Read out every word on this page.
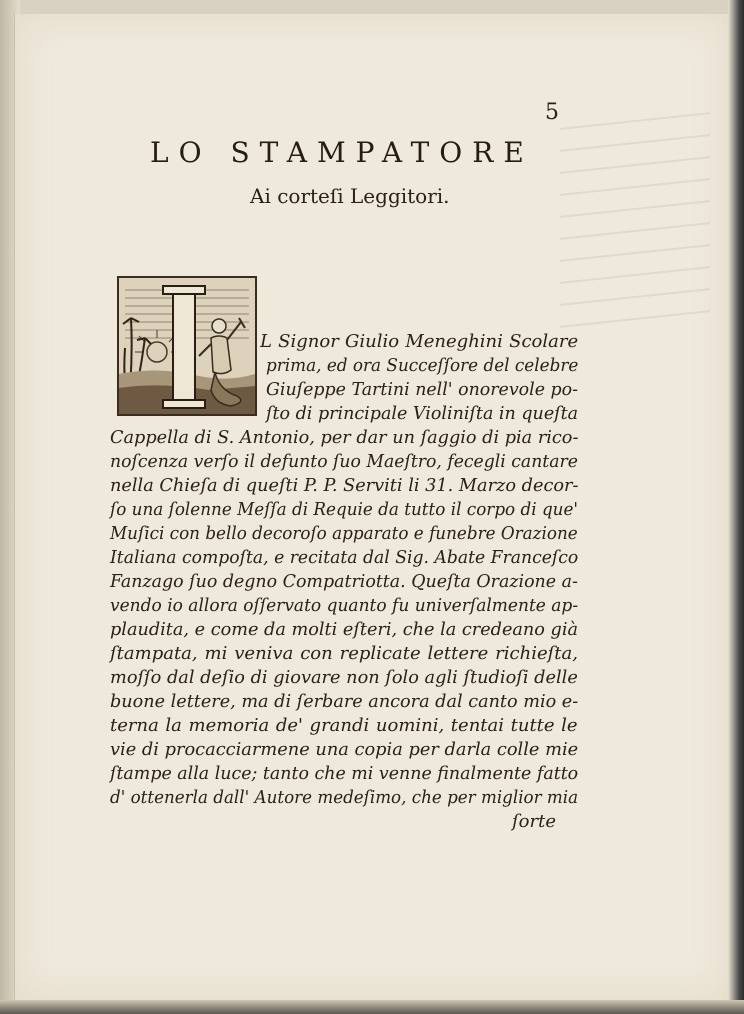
5
LO STAMPATORE
Ai corteſi Leggitori.
L Signor Giulio Meneghini Scolare
prima, ed ora Succeſſore del celebre
Giuſeppe Tartini nell' onorevole po-
ſto di principale Violiniſta in queſta
Cappella di S. Antonio, per dar un ſaggio di pia rico-
noſcenza verſo il defunto ſuo Maeſtro, fecegli cantare
nella Chieſa di queſti P. P. Serviti li 31. Marzo decor-
ſo una ſolenne Meſſa di Requie da tutto il corpo di que'
Muſici con bello decoroſo apparato e funebre Orazione
Italiana compoſta, e recitata dal Sig. Abate Franceſco
Fanzago ſuo degno Compatriotta. Queſta Orazione a-
vendo io allora oſſervato quanto fu univerſalmente ap-
plaudita, e come da molti eſteri, che la credeano già
ſtampata, mi veniva con replicate lettere richieſta,
moſſo dal deſio di giovare non ſolo agli ſtudioſi delle
buone lettere, ma di ſerbare ancora dal canto mio e-
terna la memoria de' grandi uomini, tentai tutte le
vie di procacciarmene una copia per darla colle mie
ſtampe alla luce; tanto che mi venne finalmente fatto
d' ottenerla dall' Autore medeſimo, che per miglior mia
ſorte
